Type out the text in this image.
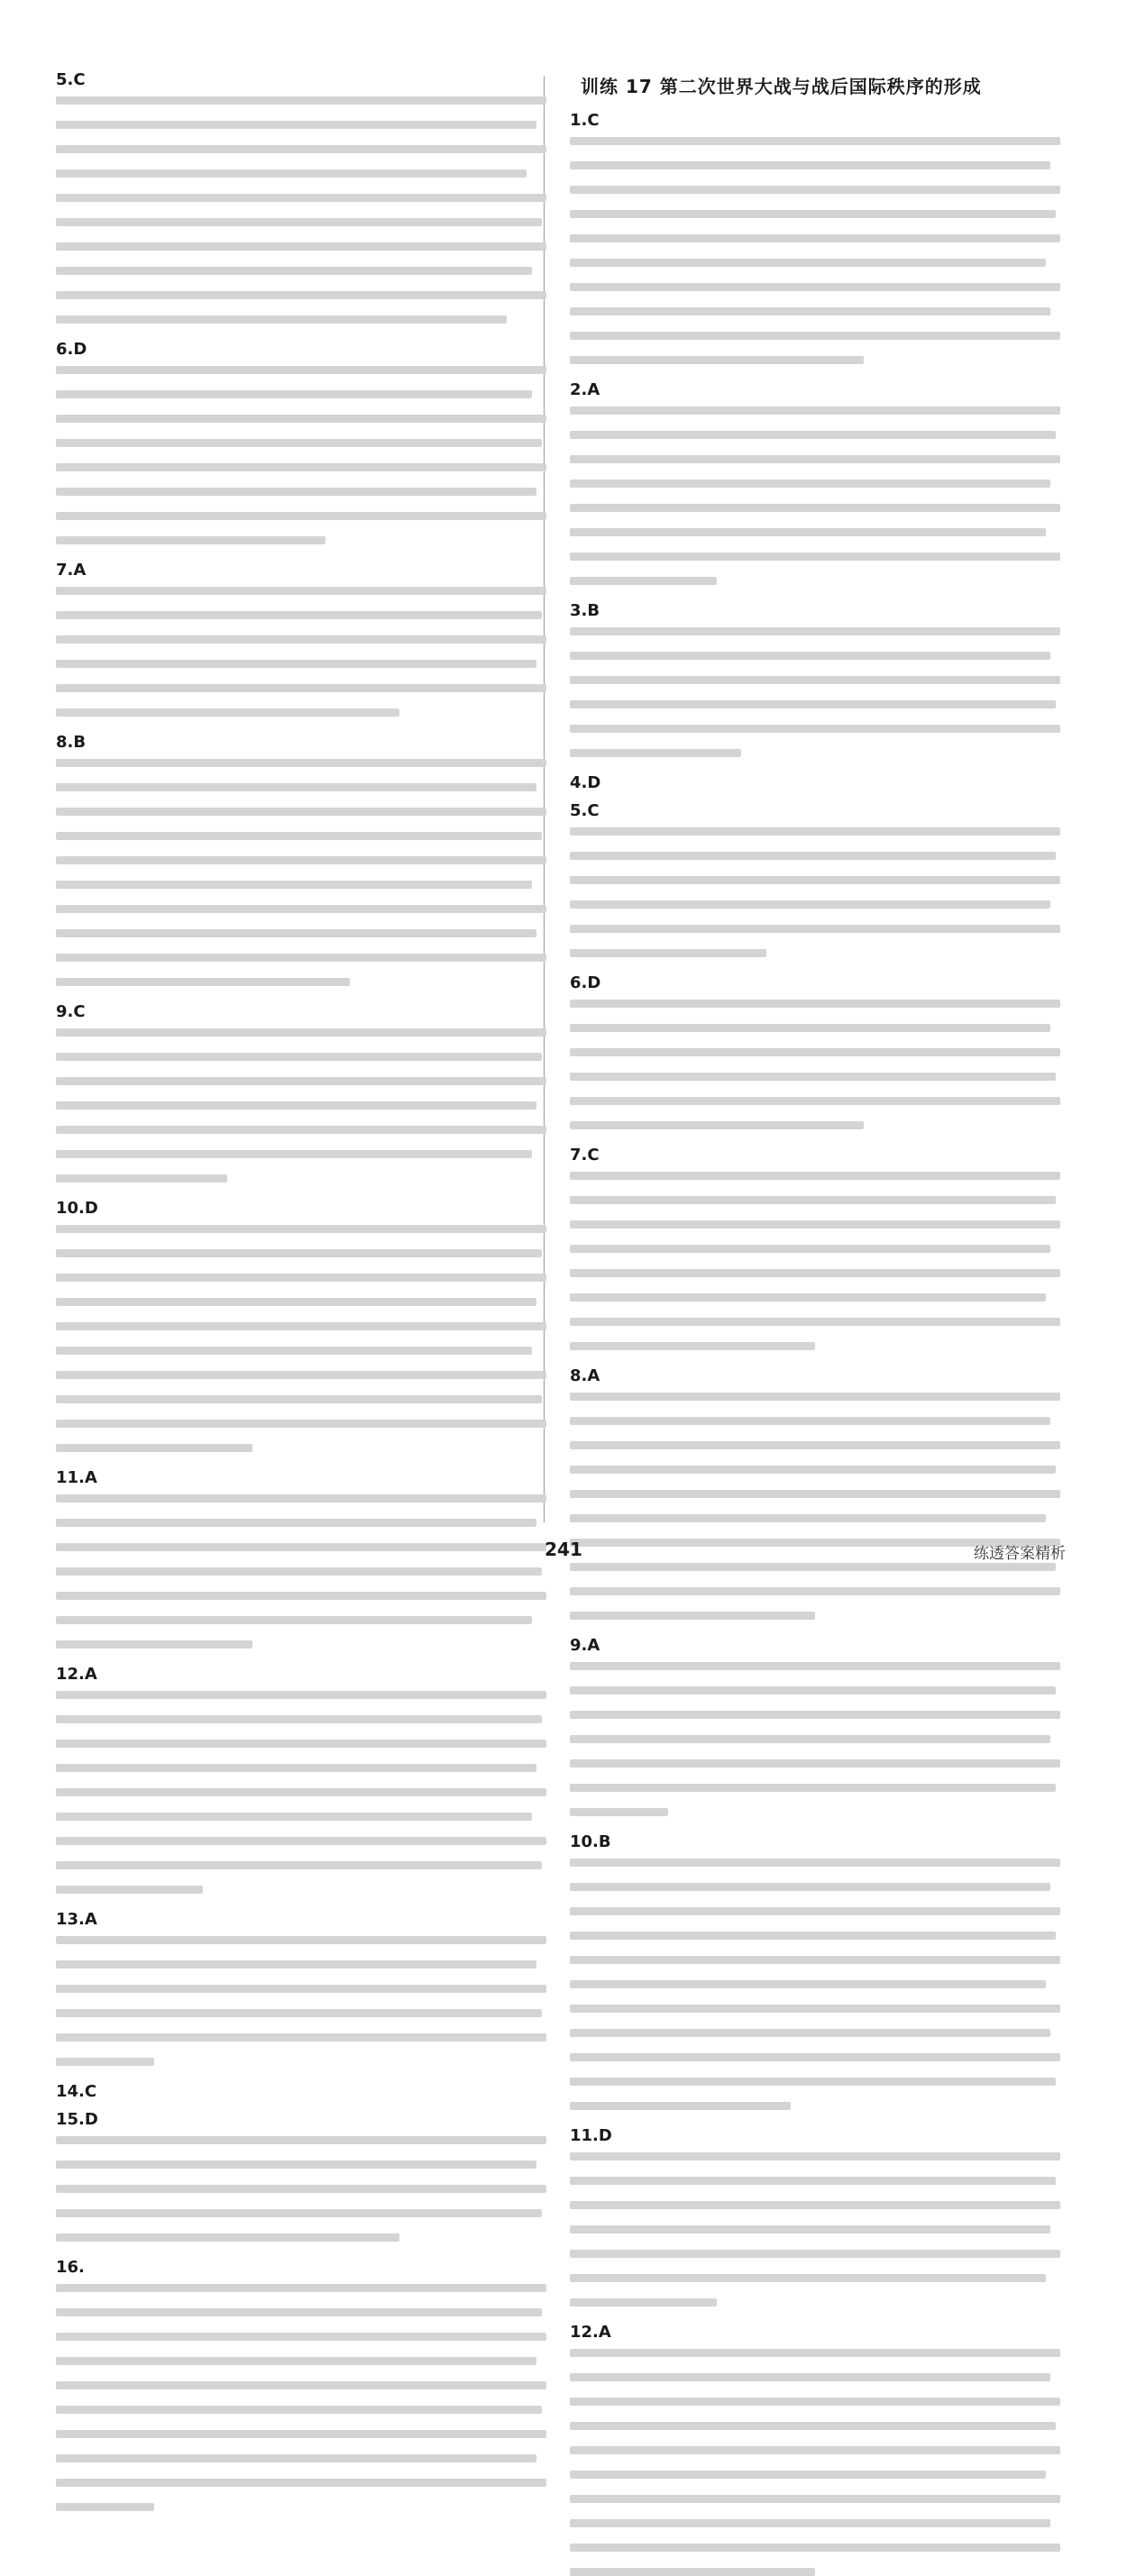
5.C
6.D
7.A
8.B
9.C
10.D
11.A
12.A
13.A
14.C
15.D
16.
训练 17 第二次世界大战与战后国际秩序的形成
1.C
2.A
3.B
4.D
5.C
6.D
7.C
8.A
9.A
10.B
11.D
12.A
241	练透答案精析
